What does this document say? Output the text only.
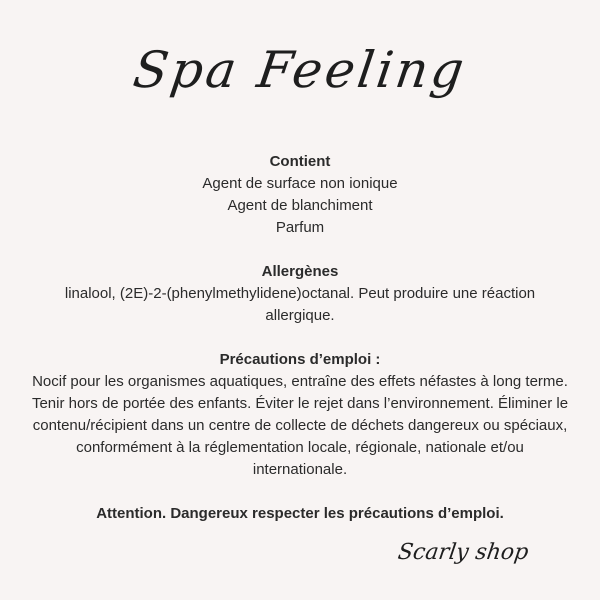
Spa Feeling
Contient
Agent de surface non ionique
Agent de blanchiment
Parfum
Allergènes
linalool, (2E)-2-(phenylmethylidene)octanal. Peut produire une réaction allergique.
Précautions d’emploi :
Nocif pour les organismes aquatiques, entraîne des effets néfastes à long terme. Tenir hors de portée des enfants. Éviter le rejet dans l’environnement. Éliminer le contenu/récipient dans un centre de collecte de déchets dangereux ou spéciaux, conformément à la réglementation locale, régionale, nationale et/ou internationale.
Attention. Dangereux respecter les précautions d’emploi.
Scarly shop
